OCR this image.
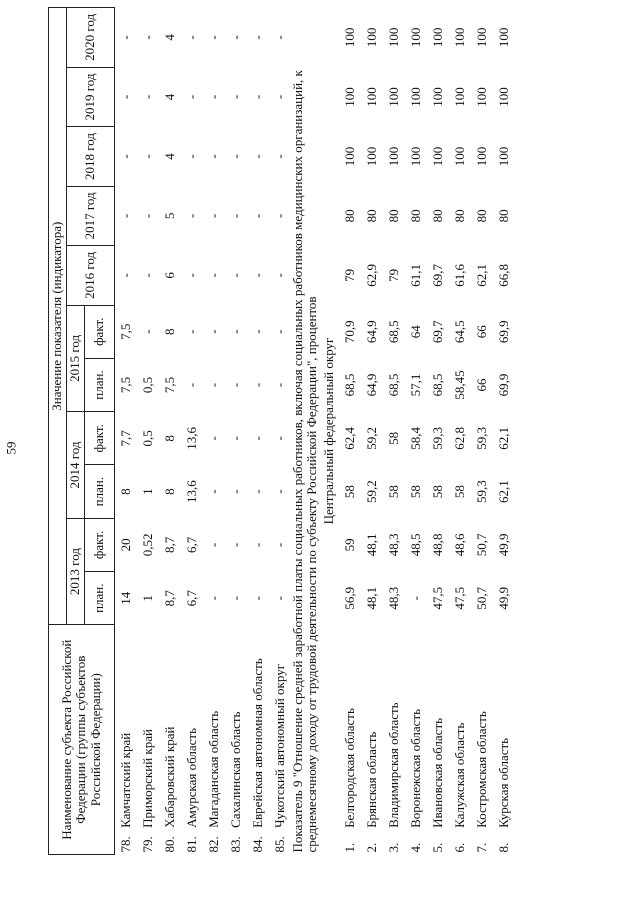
59
Наименование субъекта Российской Федерации (группы субъектов Российской Федерации)		Значение показателя (индикатора)										
		2013 год		2014 год		2015 год		2016 год	2017 год	2018 год	2019 год	2020 год
		план.	факт.	план.	факт.	план.	факт.					
78.	Камчатский край	14	20	8	7,7	7,5	7,5	-	-	-	-	-
79.	Приморский край	1	0,52	1	0,5	0,5	-	-	-	-	-	-
80.	Хабаровский край	8,7	8,7	8	8	7,5	8	6	5	4	4	4
81.	Амурская область	6,7	6,7	13,6	13,6	-	-	-	-	-	-	-
82.	Магаданская область	-	-	-	-	-	-	-	-	-	-	-
83.	Сахалинская область	-	-	-	-	-	-	-	-	-	-	-
84.	Еврейская автономная область	-	-	-	-	-	-	-	-	-	-	-
85.	Чукотский автономный округ	-	-	-	-	-	-	-	-	-	-	-
Показатель 9 "Отношение средней заработной платы социальных работников, включая социальных работников медицинских организаций, к среднемесячному доходу от трудовой деятельности по субъекту Российской Федерации", процентов												
Центральный федеральный округ												
1.	Белгородская область	56,9	59	58	62,4	68,5	70,9	79	80	100	100	100
2.	Брянская область	48,1	48,1	59,2	59,2	64,9	64,9	62,9	80	100	100	100
3.	Владимирская область	48,3	48,3	58	58	68,5	68,5	79	80	100	100	100
4.	Воронежская область	-	48,5	58	58,4	57,1	64	61,1	80	100	100	100
5.	Ивановская область	47,5	48,8	58	59,3	68,5	69,7	69,7	80	100	100	100
6.	Калужская область	47,5	48,6	58	62,8	58,45	64,5	61,6	80	100	100	100
7.	Костромская область	50,7	50,7	59,3	59,3	66	66	62,1	80	100	100	100
8.	Курская область	49,9	49,9	62,1	62,1	69,9	69,9	66,8	80	100	100	100
